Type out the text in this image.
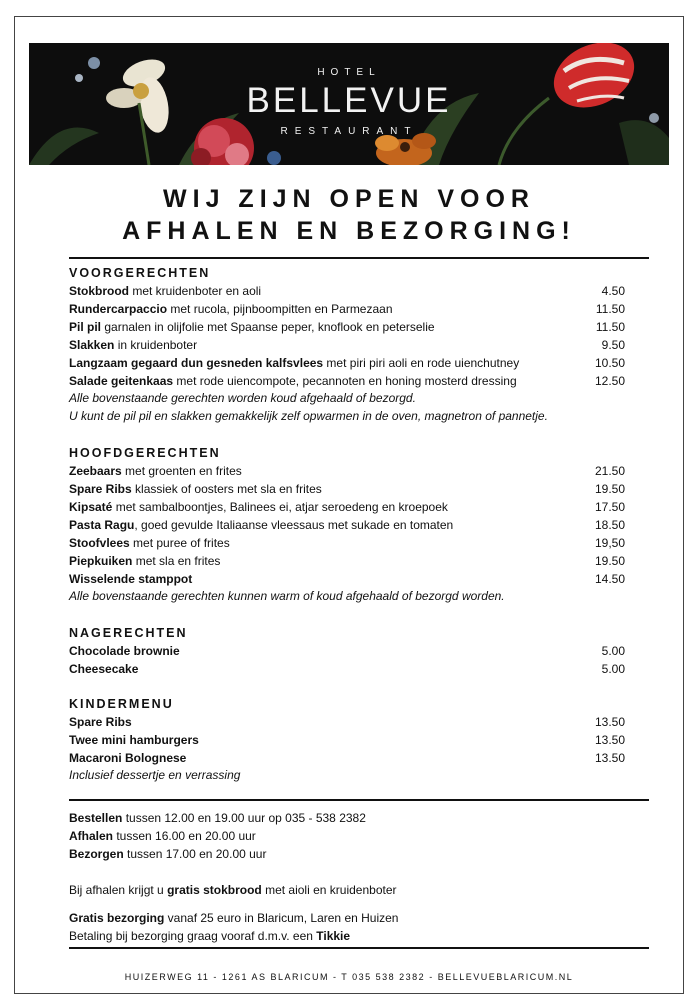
HOTEL
BELLEVUE
RESTAURANT
WIJ ZIJN OPEN VOOR
AFHALEN EN BEZORGING!
VOORGERECHTEN
Stokbrood met kruidenboter en aoli	4.50
Rundercarpaccio met rucola, pijnboompitten en Parmezaan	11.50
Pil pil garnalen in olijfolie met Spaanse peper, knoflook en peterselie	11.50
Slakken in kruidenboter	9.50
Langzaam gegaard dun gesneden kalfsvlees met piri piri aoli en rode uienchutney	10.50
Salade geitenkaas met rode uiencompote, pecannoten en honing mosterd dressing	12.50
Alle bovenstaande gerechten worden koud afgehaald of bezorgd.
U kunt de pil pil en slakken gemakkelijk zelf opwarmen in de oven, magnetron of pannetje.
HOOFDGERECHTEN
Zeebaars met groenten en frites	21.50
Spare Ribs klassiek of oosters met sla en frites	19.50
Kipsaté met sambalboontjes, Balinees ei, atjar seroedeng en kroepoek	17.50
Pasta Ragu, goed gevulde Italiaanse vleessaus met sukade en tomaten	18.50
Stoofvlees met puree of frites	19,50
Piepkuiken met sla en frites	19.50
Wisselende stamppot	14.50
Alle bovenstaande gerechten kunnen warm of koud afgehaald of bezorgd worden.
NAGERECHTEN
Chocolade brownie	5.00
Cheesecake	5.00
KINDERMENU
Spare Ribs	13.50
Twee mini hamburgers	13.50
Macaroni Bolognese	13.50
Inclusief dessertje en verrassing
Bestellen tussen 12.00 en 19.00 uur op 035 - 538 2382
Afhalen tussen 16.00 en 20.00 uur
Bezorgen tussen 17.00 en 20.00 uur
Bij afhalen krijgt u gratis stokbrood met aioli en kruidenboter
Gratis bezorging vanaf 25 euro in Blaricum, Laren en Huizen
Betaling bij bezorging graag vooraf d.m.v. een Tikkie
HUIZERWEG 11 - 1261 AS BLARICUM - T 035 538 2382 - BELLEVUEBLARICUM.NL
